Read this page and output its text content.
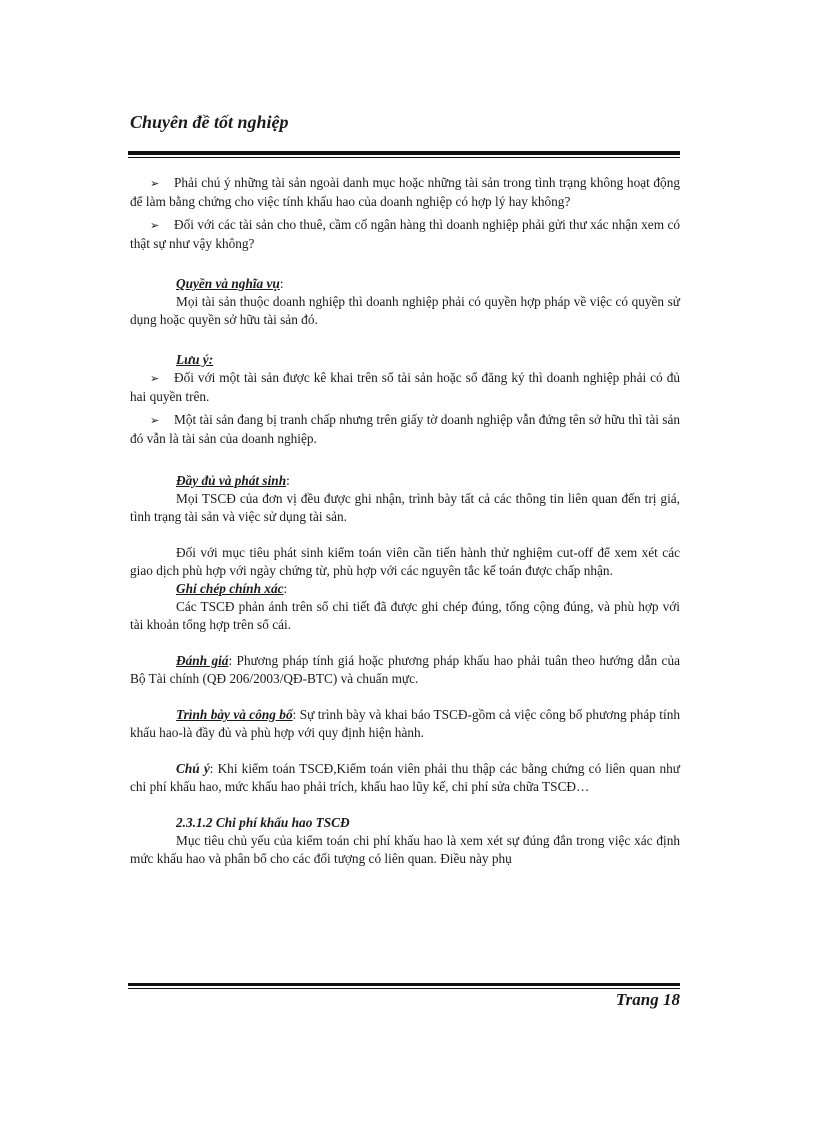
Chuyên đề tốt nghiệp

➢ Phải chú ý những tài sản ngoài danh mục hoặc những tài sản trong tình trạng không hoạt động để làm bằng chứng cho việc tính khấu hao của doanh nghiệp có hợp lý hay không?

➢ Đối với các tài sản cho thuê, cầm cố ngân hàng thì doanh nghiệp phải gửi thư xác nhận xem có thật sự như vậy không?

Quyền và nghĩa vụ:

Mọi tài sản thuộc doanh nghiệp thì doanh nghiệp phải có quyền hợp pháp về việc có quyền sử dụng hoặc quyền sở hữu tài sản đó.

Lưu ý:

➢ Đối với một tài sản được kê khai trên sổ tài sản hoặc sổ đăng ký thì doanh nghiệp phải có đủ hai quyền trên.

➢ Một tài sản đang bị tranh chấp nhưng trên giấy tờ doanh nghiệp vẫn đứng tên sở hữu thì tài sản đó vẫn là tài sản của doanh nghiệp.

Đầy đủ và phát sinh:

Mọi TSCĐ của đơn vị đều được ghi nhận, trình bày tất cả các thông tin liên quan đến trị giá, tình trạng tài sản và việc sử dụng tài sản.

Đối với mục tiêu phát sinh kiểm toán viên cần tiến hành thử nghiệm cut-off để xem xét các giao dịch phù hợp với ngày chứng từ, phù hợp với các nguyên tắc kế toán được chấp nhận.

Ghi chép chính xác:

Các TSCĐ phản ánh trên sổ chi tiết đã được ghi chép đúng, tổng cộng đúng, và phù hợp với tài khoản tổng hợp trên sổ cái.

Đánh giá: Phương pháp tính giá hoặc phương pháp khấu hao phải tuân theo hướng dẫn của Bộ Tài chính (QĐ 206/2003/QĐ-BTC) và chuẩn mực.

Trình bày và công bố: Sự trình bày và khai báo TSCĐ-gồm cả việc công bố phương pháp tính khấu hao-là đầy đủ và phù hợp với quy định hiện hành.

Chú ý: Khi kiểm toán TSCĐ,Kiểm toán viên phải thu thập các bằng chứng có liên quan như chi phí khấu hao, mức khấu hao phải trích, khấu hao lũy kế, chi phí sửa chữa TSCĐ…

2.3.1.2 Chi phí khấu hao TSCĐ

Mục tiêu chủ yếu của kiểm toán chi phí khấu hao là xem xét sự đúng đắn trong việc xác định mức khấu hao và phân bổ cho các đối tượng có liên quan. Điều này phụ

Trang 18
